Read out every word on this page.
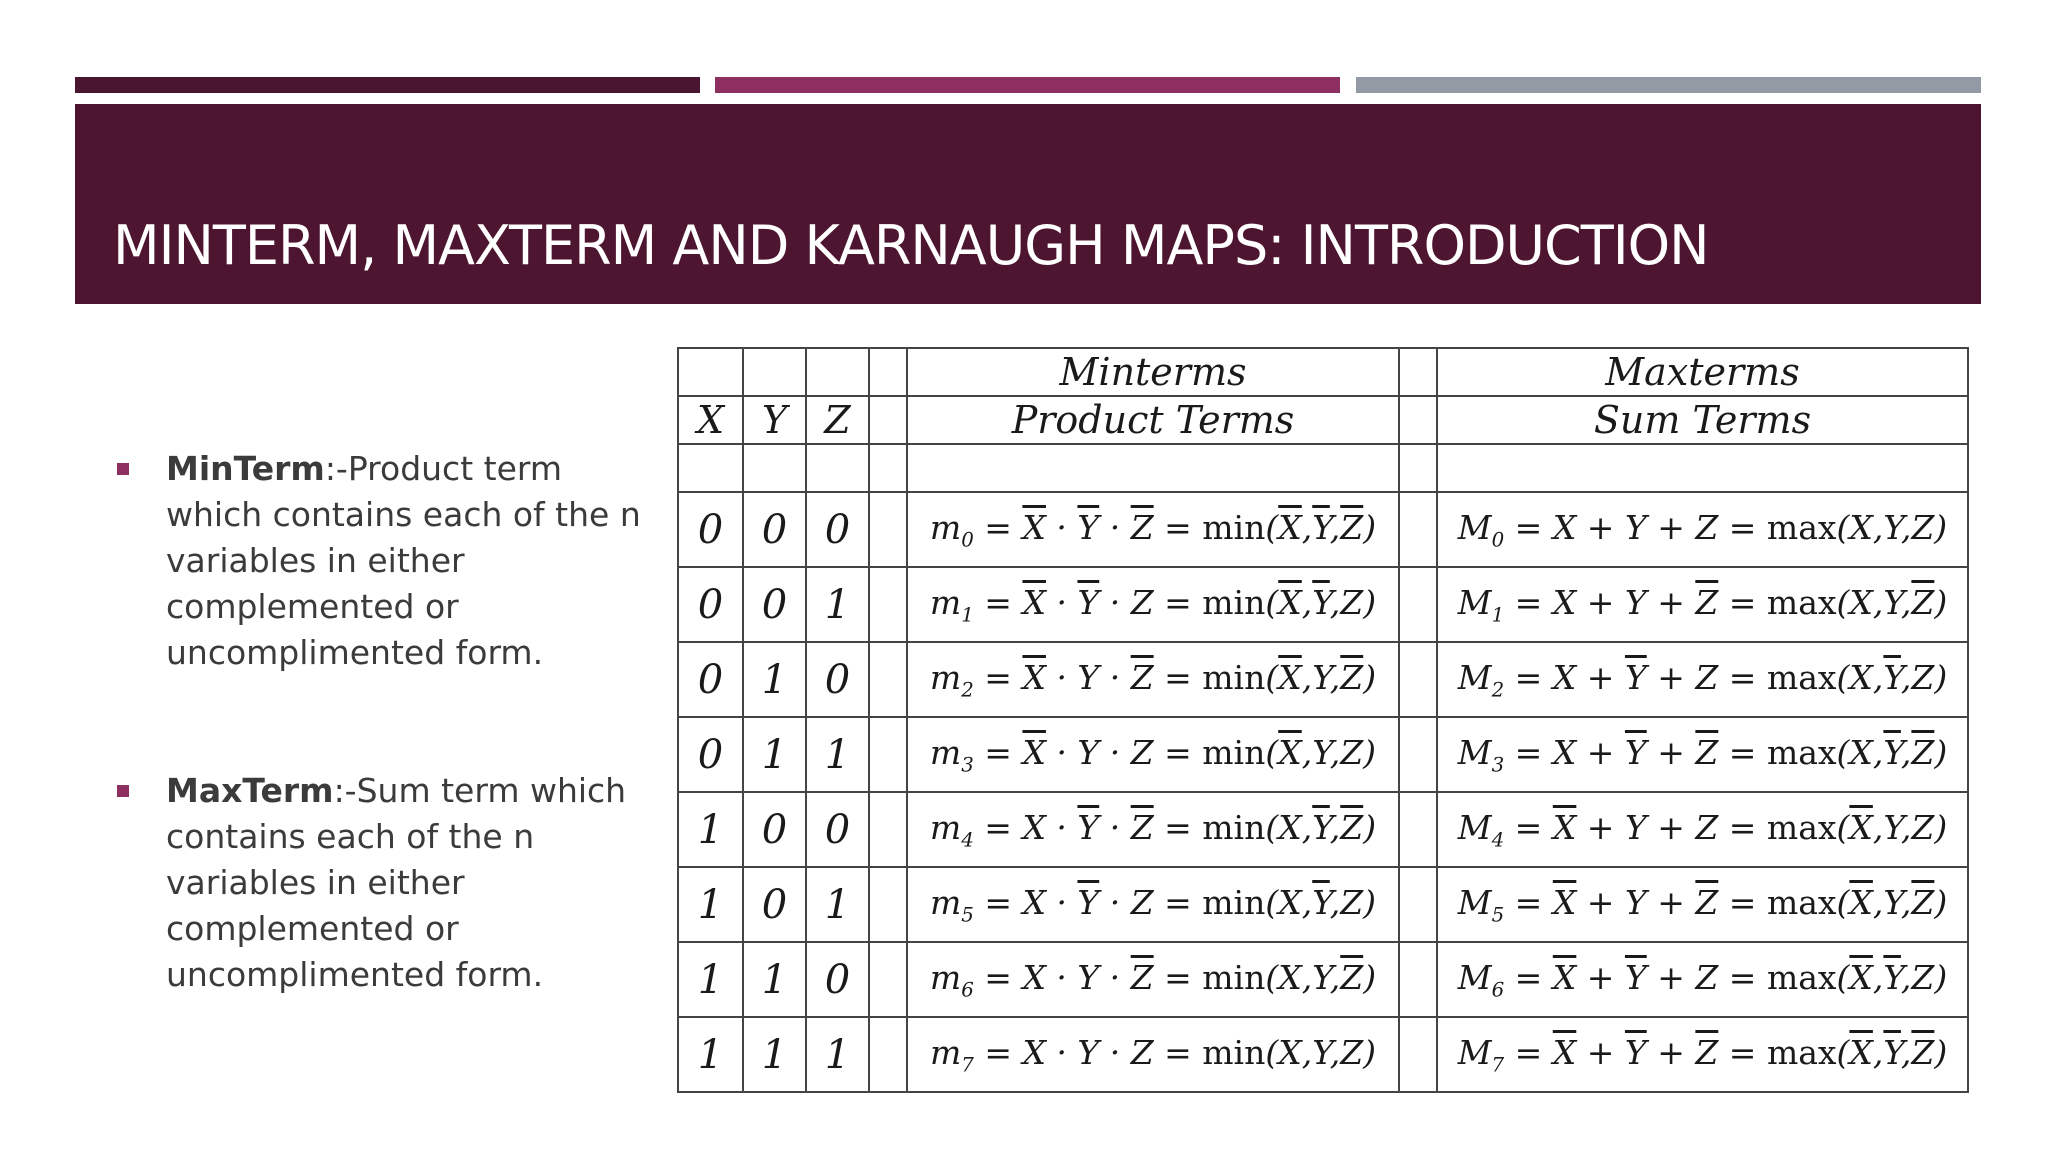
MINTERM, MAXTERM AND KARNAUGH MAPS: INTRODUCTION
MinTerm:-Product term which contains each of the n variables in either complemented or uncomplimented form.
MaxTerm:-Sum term which contains each of the n variables in either complemented or uncomplimented form.
				Minterms		Maxterms
X	Y	Z		Product Terms		Sum Terms

0	0	0		$m_0 = \overline{X} \cdot \overline{Y} \cdot \overline{Z} = \min(\overline{X},\overline{Y},\overline{Z})$		$M_0 = X + Y + Z = \max(X,Y,Z)$
0	0	1		$m_1 = \overline{X} \cdot \overline{Y} \cdot Z = \min(\overline{X},\overline{Y},Z)$		$M_1 = X + Y + \overline{Z} = \max(X,Y,\overline{Z})$
0	1	0		$m_2 = \overline{X} \cdot Y \cdot \overline{Z} = \min(\overline{X},Y,\overline{Z})$		$M_2 = X + \overline{Y} + Z = \max(X,\overline{Y},Z)$
0	1	1		$m_3 = \overline{X} \cdot Y \cdot Z = \min(\overline{X},Y,Z)$		$M_3 = X + \overline{Y} + \overline{Z} = \max(X,\overline{Y},\overline{Z})$
1	0	0		$m_4 = X \cdot \overline{Y} \cdot \overline{Z} = \min(X,\overline{Y},\overline{Z})$		$M_4 = \overline{X} + Y + Z = \max(\overline{X},Y,Z)$
1	0	1		$m_5 = X \cdot \overline{Y} \cdot Z = \min(X,\overline{Y},Z)$		$M_5 = \overline{X} + Y + \overline{Z} = \max(\overline{X},Y,\overline{Z})$
1	1	0		$m_6 = X \cdot Y \cdot \overline{Z} = \min(X,Y,\overline{Z})$		$M_6 = \overline{X} + \overline{Y} + Z = \max(\overline{X},\overline{Y},Z)$
1	1	1		$m_7 = X \cdot Y \cdot Z = \min(X,Y,Z)$		$M_7 = \overline{X} + \overline{Y} + \overline{Z} = \max(\overline{X},\overline{Y},\overline{Z})$
